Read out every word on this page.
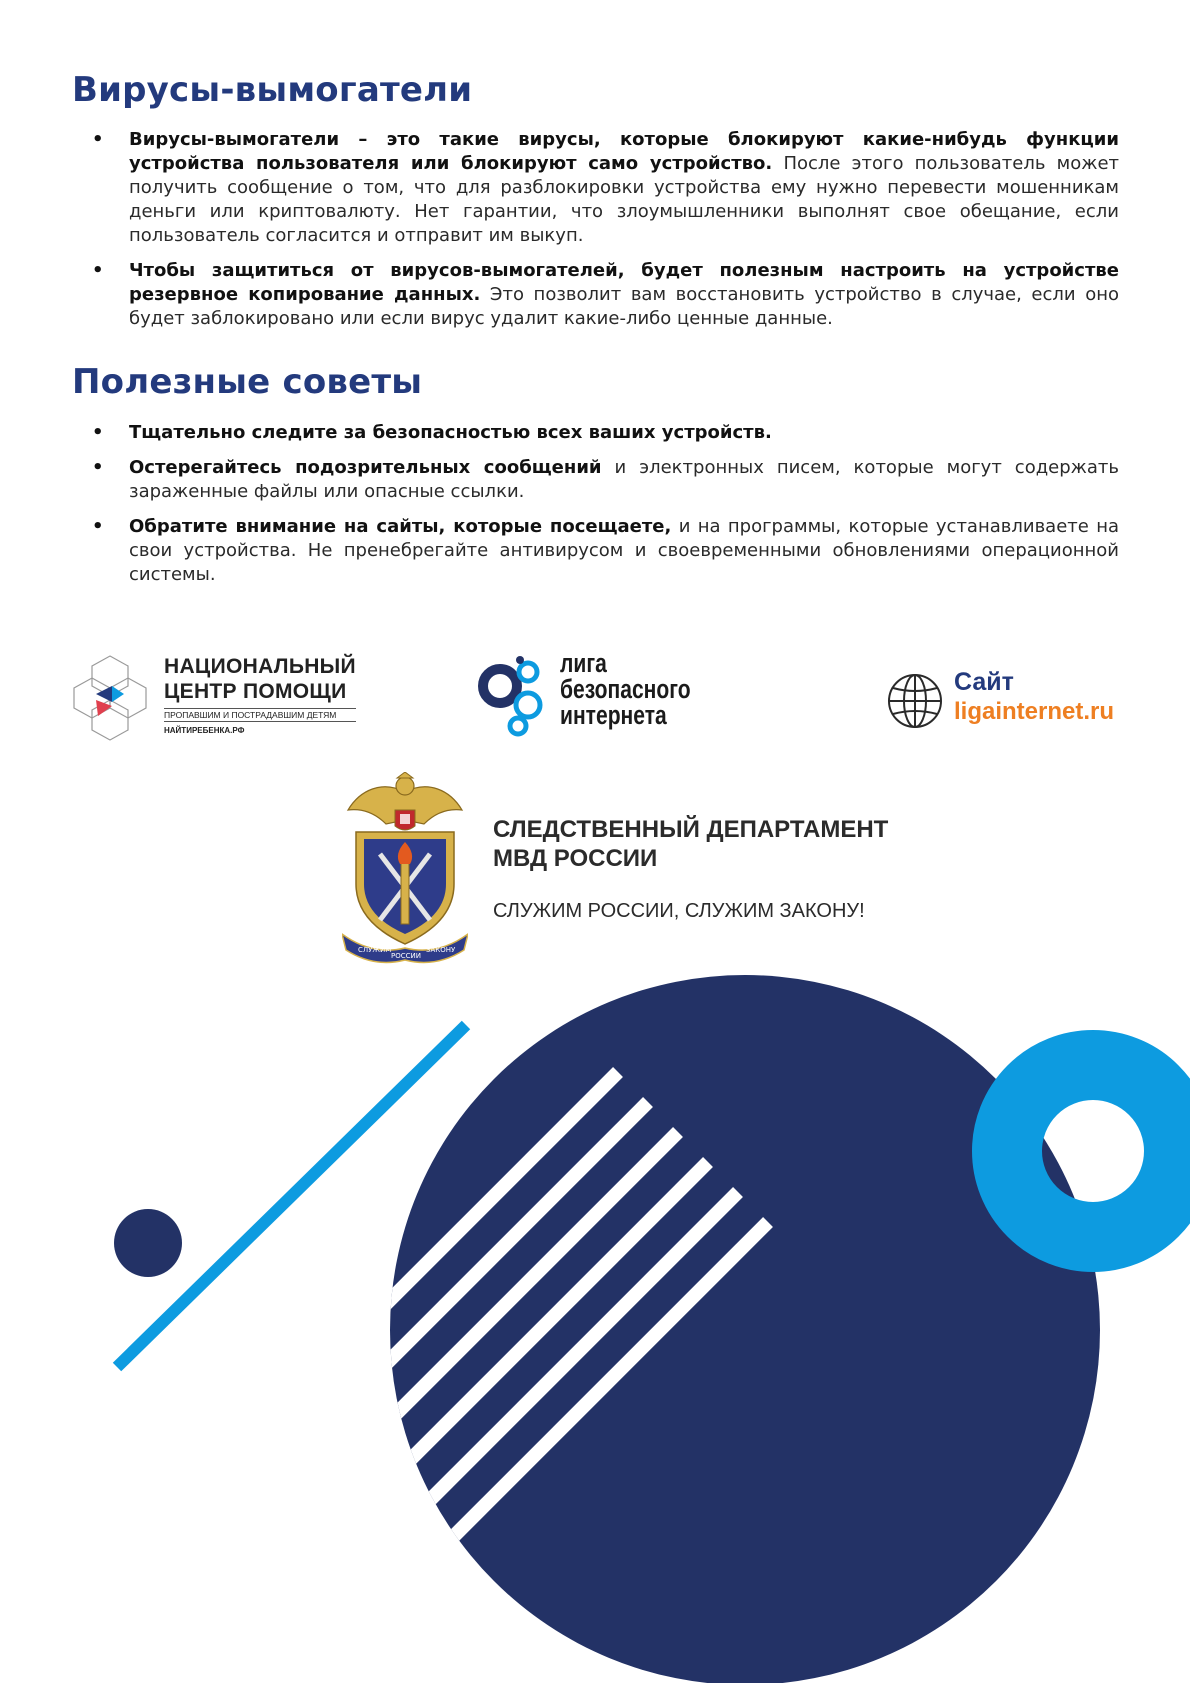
Вирусы-вымогатели
• Вирусы-вымогатели – это такие вирусы, которые блокируют какие-нибудь функции устройства пользователя или блокируют само устройство. После этого пользователь может получить сообщение о том, что для разблокировки устройства ему нужно перевести мошенникам деньги или криптовалюту. Нет гарантии, что злоумышленники выполнят свое обещание, если пользователь согласится и отправит им выкуп.
• Чтобы защититься от вирусов-вымогателей, будет полезным настроить на устройстве резервное копирование данных. Это позволит вам восстановить устройство в случае, если оно будет заблокировано или если вирус удалит какие-либо ценные данные.
Полезные советы
• Тщательно следите за безопасностью всех ваших устройств.
• Остерегайтесь подозрительных сообщений и электронных писем, которые могут содержать зараженные файлы или опасные ссылки.
• Обратите внимание на сайты, которые посещаете, и на программы, которые устанавливаете на свои устройства. Не пренебрегайте антивирусом и своевременными обновлениями операционной системы.
НАЦИОНАЛЬНЫЙ
ЦЕНТР ПОМОЩИ
ПРОПАВШИМ И ПОСТРАДАВШИМ ДЕТЯМ
НАЙТИРЕБЕНКА.РФ
лига
безопасного
интернета
Сайт
ligainternet.ru
СЛУЖИМ
РОССИИ
ЗАКОНУ
СЛЕДСТВЕННЫЙ ДЕПАРТАМЕНТ
МВД РОССИИ
СЛУЖИМ РОССИИ, СЛУЖИМ ЗАКОНУ!
